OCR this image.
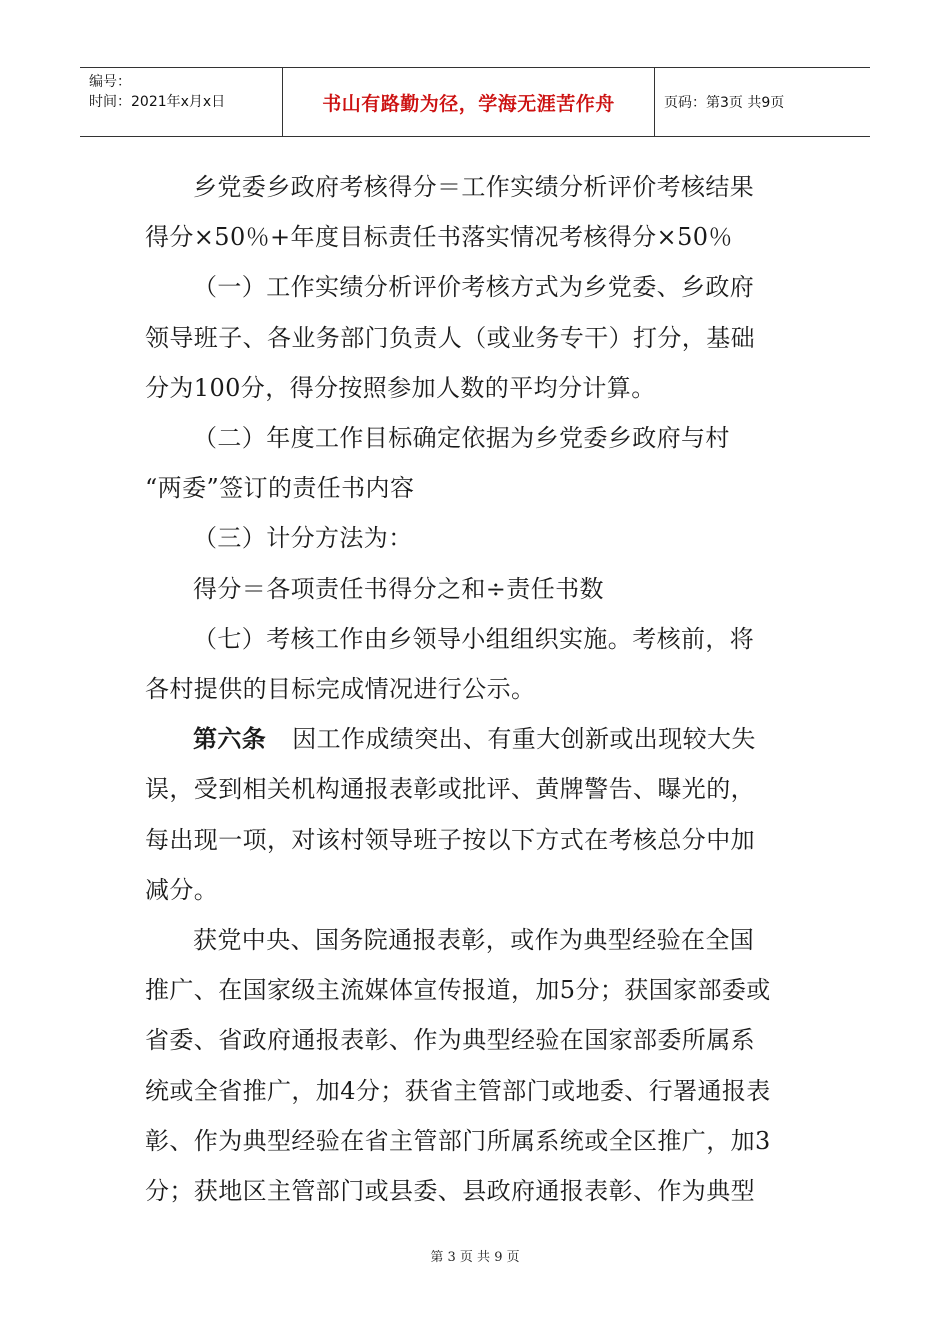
编号：
时间：2021年x月x日	书山有路勤为径，学海无涯苦作舟	页码：第3页 共9页

乡党委乡政府考核得分＝工作实绩分析评价考核结果

得分×50％+年度目标责任书落实情况考核得分×50％

（一）工作实绩分析评价考核方式为乡党委、乡政府

领导班子、各业务部门负责人（或业务专干）打分，基础

分为100分，得分按照参加人数的平均分计算。

（二）年度工作目标确定依据为乡党委乡政府与村

“两委”签订的责任书内容

（三）计分方法为：

得分＝各项责任书得分之和÷责任书数

（七）考核工作由乡领导小组组织实施。考核前，将

各村提供的目标完成情况进行公示。

第六条 因工作成绩突出、有重大创新或出现较大失

误，受到相关机构通报表彰或批评、黄牌警告、曝光的，

每出现一项，对该村领导班子按以下方式在考核总分中加

减分。

获党中央、国务院通报表彰，或作为典型经验在全国

推广、在国家级主流媒体宣传报道，加5分；获国家部委或

省委、省政府通报表彰、作为典型经验在国家部委所属系

统或全省推广，加4分；获省主管部门或地委、行署通报表

彰、作为典型经验在省主管部门所属系统或全区推广，加3

分；获地区主管部门或县委、县政府通报表彰、作为典型

第 3 页 共 9 页
